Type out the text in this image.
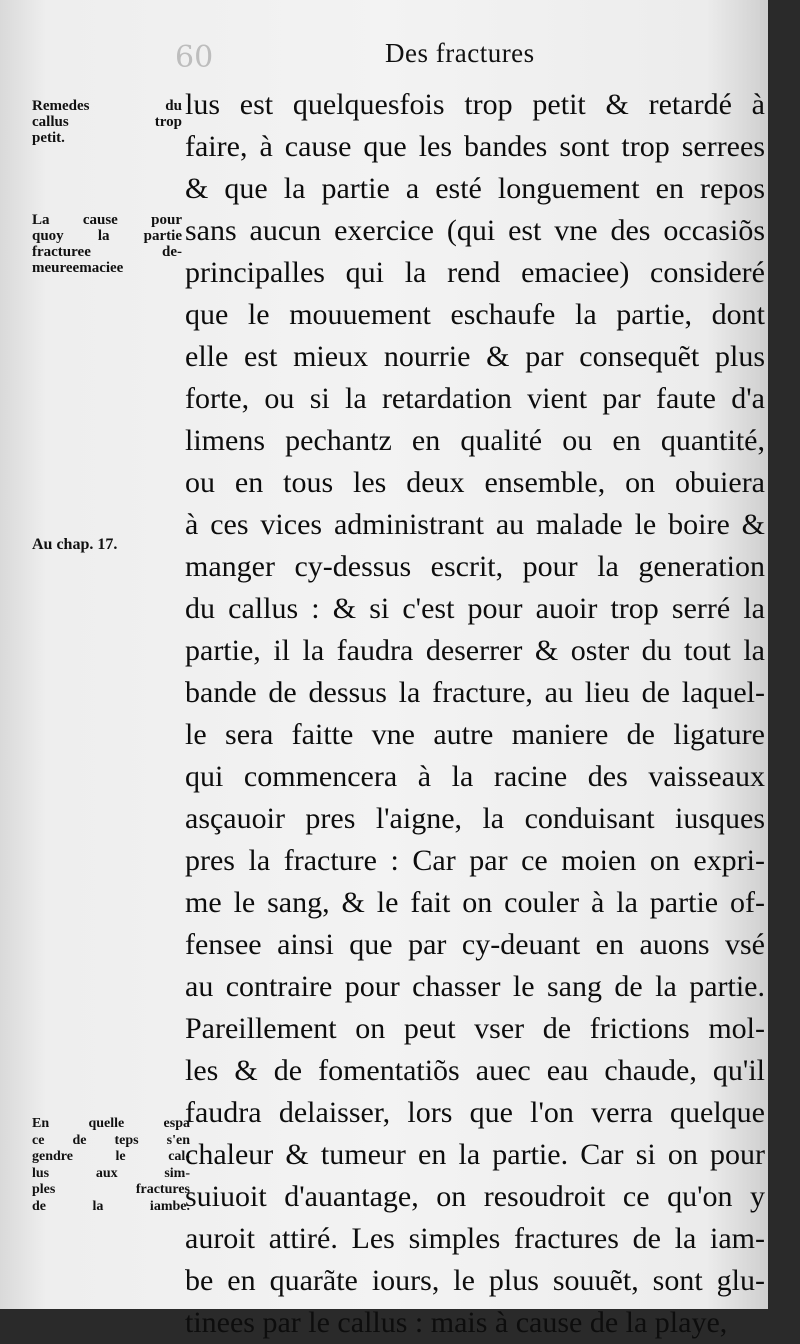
60	Des fractures
Remedes du
callus trop
petit.
La cause pour
quoy la partie
fracturee de-
meureemaciee
Au chap. 17.
En quelle espa
ce de teps s'en
gendre le cal-
lus aux sim-
ples fractures
de la iambe.
lus est quelquesfois trop petit & retardé à
faire, à cause que les bandes sont trop serrees
& que la partie a esté longuement en repos
sans aucun exercice (qui est vne des occasiõs
principalles qui la rend emaciee) consideré
que le mouuement eschaufe la partie, dont
elle est mieux nourrie & par consequẽt plus
forte, ou si la retardation vient par faute d'a
limens pechantz en qualité ou en quantité,
ou en tous les deux ensemble, on obuiera
à ces vices administrant au malade le boire &
manger cy-dessus escrit, pour la generation
du callus : & si c'est pour auoir trop serré la
partie, il la faudra deserrer & oster du tout la
bande de dessus la fracture, au lieu de laquel-
le sera faitte vne autre maniere de ligature
qui commencera à la racine des vaisseaux
asçauoir pres l'aigne, la conduisant iusques
pres la fracture : Car par ce moien on expri-
me le sang, & le fait on couler à la partie of-
fensee ainsi que par cy-deuant en auons vsé
au contraire pour chasser le sang de la partie.
Pareillement on peut vser de frictions mol-
les & de fomentatiõs auec eau chaude, qu'il
faudra delaisser, lors que l'on verra quelque
chaleur & tumeur en la partie. Car si on pour
suiuoit d'auantage, on resoudroit ce qu'on y
auroit attiré. Les simples fractures de la iam-
be en quarãte iours, le plus souuẽt, sont glu-
tinees par le callus : mais à cause de la playe,
